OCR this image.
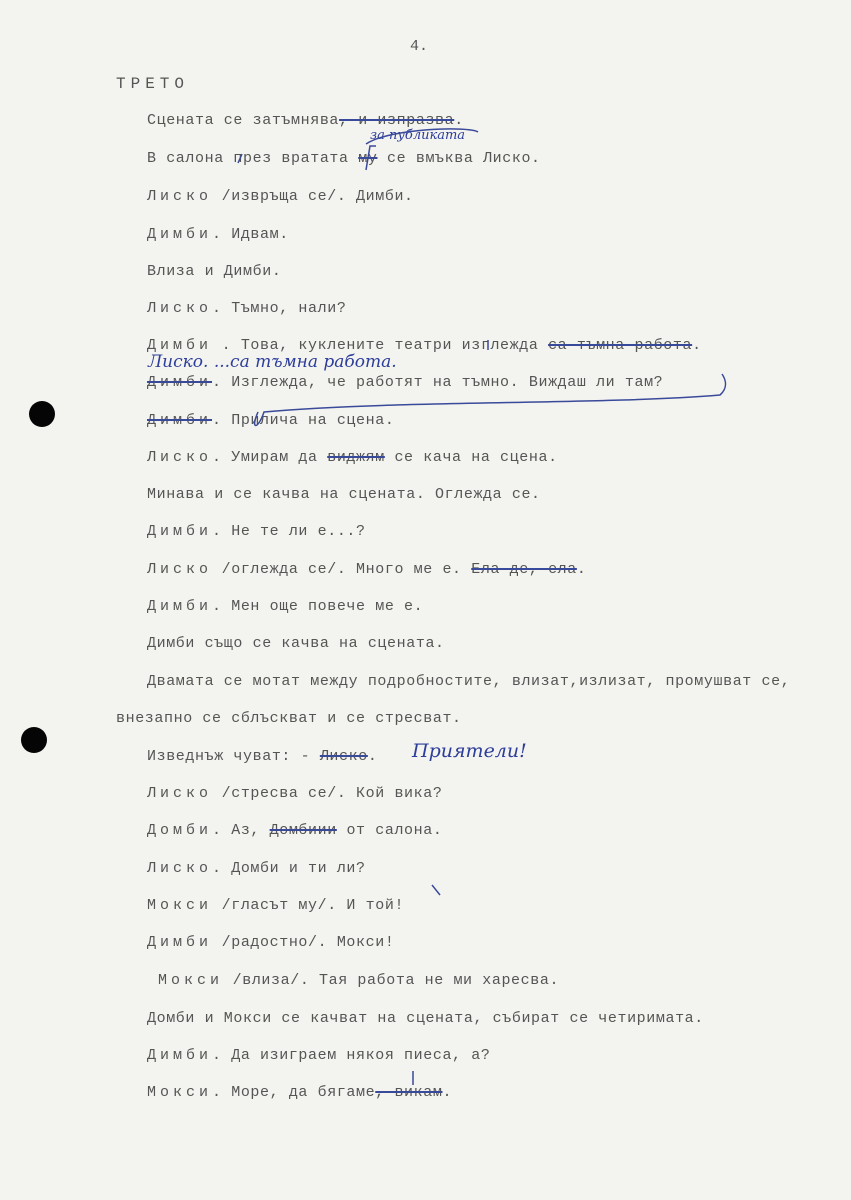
4.
ТРЕТО
Сцената се затъмнява, и изпразва.
В салона през вратата му се вмъква Лиско.
Лиско /извръща се/. Димби.
Димби. Идвам.
Влиза и Димби.
Лиско. Тъмно, нали?
Димби . Това, куклените театри изглежда са тъмна работа.
Димби. Изглежда, че работят на тъмно. Виждаш ли там?
Димби. Прилича на сцена.
Лиско. Умирам да виджям се кача на сцена.
Минава и се качва на сцената. Оглежда се.
Димби. Не те ли е...?
Лиско /оглежда се/. Много ме е. Ела де, ела.
Димби. Мен още повече ме е.
Димби също се качва на сцената.
Двамата се мотат между подробностите, влизат,излизат, промушват се,
внезапно се сблъскват и се стресват.
Изведнъж чуват: - Лиско.
Лиско /стресва се/. Кой вика?
Домби. Аз, Домбиии от салона.
Лиско. Домби и ти ли?
Мокси /гласът му/. И той!
Димби /радостно/. Мокси!
Мокси /влиза/. Тая работа не ми харесва.
Домби и Мокси се качват на сцената, събират се четиримата.
Димби. Да изиграем някоя пиеса, а?
Мокси. Море, да бягаме, викам.
за публиката
Лиско. ...са тъмна работа.
Приятели!
